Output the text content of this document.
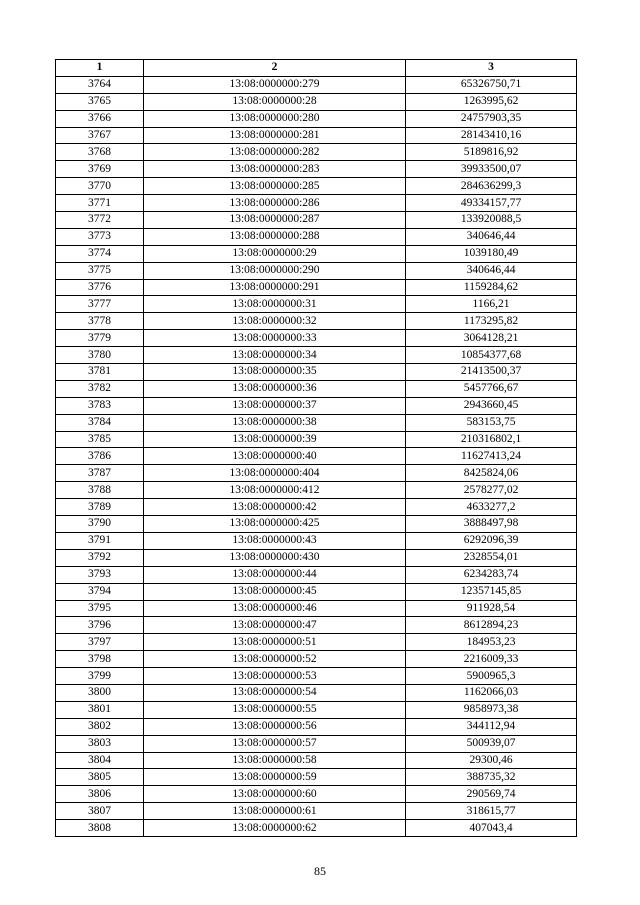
1	2	3
3764	13:08:0000000:279	65326750,71
3765	13:08:0000000:28	1263995,62
3766	13:08:0000000:280	24757903,35
3767	13:08:0000000:281	28143410,16
3768	13:08:0000000:282	5189816,92
3769	13:08:0000000:283	39933500,07
3770	13:08:0000000:285	284636299,3
3771	13:08:0000000:286	49334157,77
3772	13:08:0000000:287	133920088,5
3773	13:08:0000000:288	340646,44
3774	13:08:0000000:29	1039180,49
3775	13:08:0000000:290	340646,44
3776	13:08:0000000:291	1159284,62
3777	13:08:0000000:31	1166,21
3778	13:08:0000000:32	1173295,82
3779	13:08:0000000:33	3064128,21
3780	13:08:0000000:34	10854377,68
3781	13:08:0000000:35	21413500,37
3782	13:08:0000000:36	5457766,67
3783	13:08:0000000:37	2943660,45
3784	13:08:0000000:38	583153,75
3785	13:08:0000000:39	210316802,1
3786	13:08:0000000:40	11627413,24
3787	13:08:0000000:404	8425824,06
3788	13:08:0000000:412	2578277,02
3789	13:08:0000000:42	4633277,2
3790	13:08:0000000:425	3888497,98
3791	13:08:0000000:43	6292096,39
3792	13:08:0000000:430	2328554,01
3793	13:08:0000000:44	6234283,74
3794	13:08:0000000:45	12357145,85
3795	13:08:0000000:46	911928,54
3796	13:08:0000000:47	8612894,23
3797	13:08:0000000:51	184953,23
3798	13:08:0000000:52	2216009,33
3799	13:08:0000000:53	5900965,3
3800	13:08:0000000:54	1162066,03
3801	13:08:0000000:55	9858973,38
3802	13:08:0000000:56	344112,94
3803	13:08:0000000:57	500939,07
3804	13:08:0000000:58	29300,46
3805	13:08:0000000:59	388735,32
3806	13:08:0000000:60	290569,74
3807	13:08:0000000:61	318615,77
3808	13:08:0000000:62	407043,4
85
